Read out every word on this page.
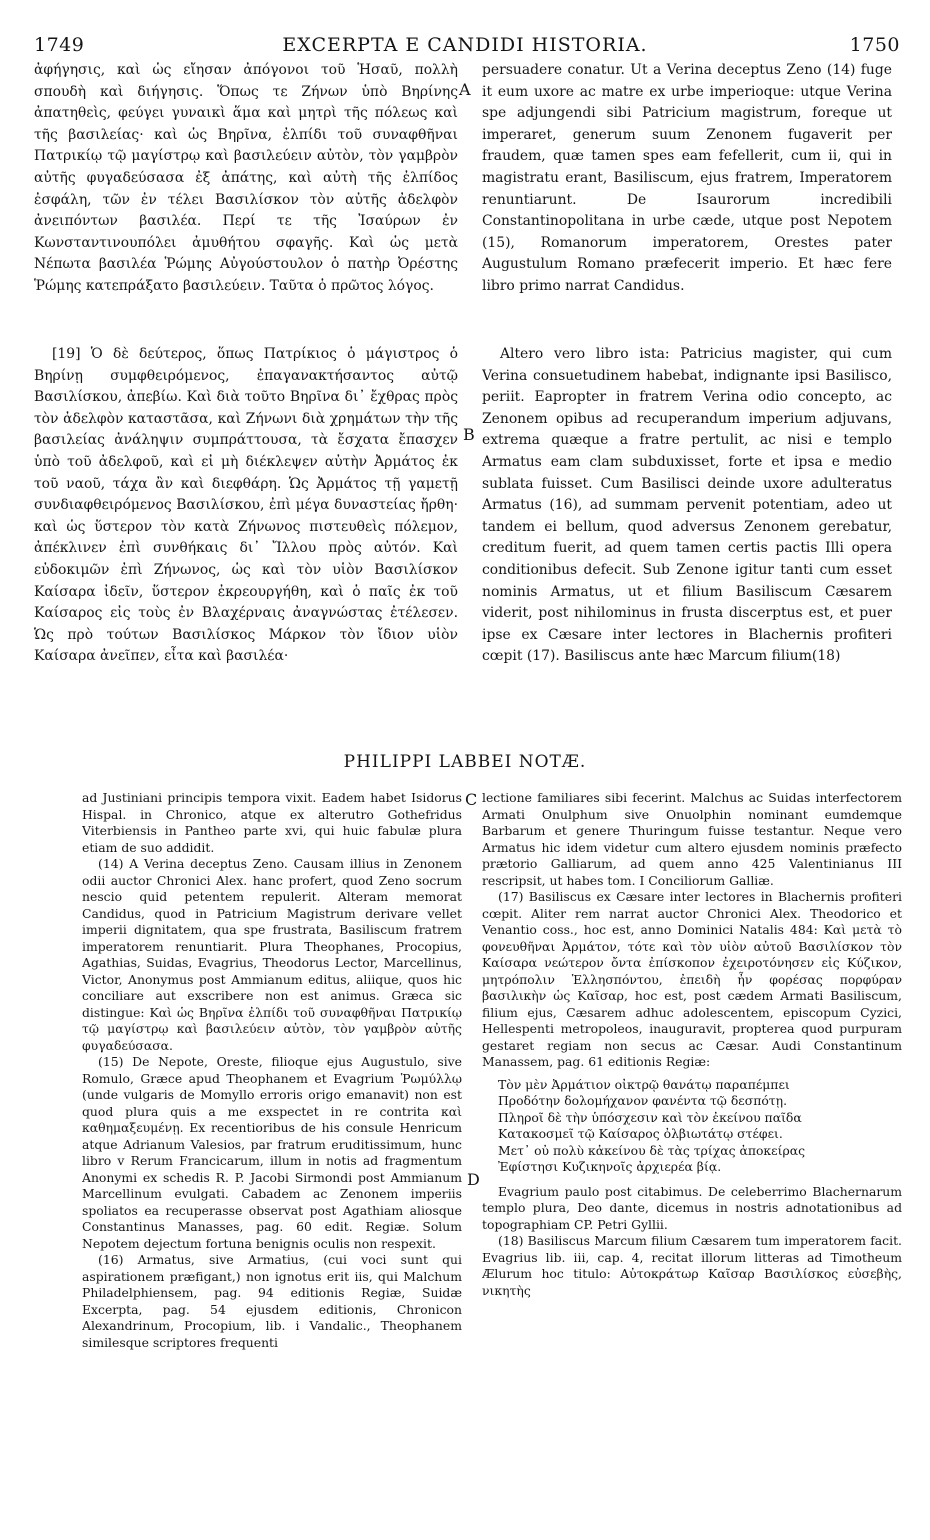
1749	EXCERPTA E CANDIDI HISTORIA.	1750
A
B
C
D

ἀφήγησις, καὶ ὡς εἴησαν ἀπόγονοι τοῦ Ἡσαῦ, πολλὴ σπουδὴ καὶ διήγησις. Ὅπως τε Ζήνων ὑπὸ Βηρίνης ἀπατηθεὶς, φεύγει γυναικὶ ἅμα καὶ μητρὶ τῆς πόλεως καὶ τῆς βασιλείας· καὶ ὡς Βηρῖνα, ἐλπίδι τοῦ συναφθῆναι Πατρικίῳ τῷ μαγίστρῳ καὶ βασιλεύειν αὐτὸν, τὸν γαμβρὸν αὐτῆς φυγαδεύσασα ἐξ ἀπάτης, καὶ αὐτὴ τῆς ἐλπίδος ἐσφάλη, τῶν ἐν τέλει Βασιλίσκον τὸν αὐτῆς ἀδελφὸν ἀνειπόντων βασιλέα. Περί τε τῆς Ἰσαύρων ἐν Κωνσταντινουπόλει ἀμυθήτου σφαγῆς. Καὶ ὡς μετὰ Νέπωτα βασιλέα Ῥώμης Αὐγούστουλον ὁ πατὴρ Ὀρέστης Ῥώμης κατεπράξατο βασιλεύειν. Ταῦτα ὁ πρῶτος λόγος.

persuadere conatur. Ut a Verina deceptus Zeno (14) fuge it eum uxore ac matre ex urbe imperioque: utque Verina spe adjungendi sibi Patricium magistrum, foreque ut imperaret, generum suum Zenonem fugaverit per fraudem, quæ tamen spes eam fefellerit, cum ii, qui in magistratu erant, Basiliscum, ejus fratrem, Imperatorem renuntiarunt. De Isaurorum incredibili Constantinopolitana in urbe cæde, utque post Nepotem (15), Romanorum imperatorem, Orestes pater Augustulum Romano præfecerit imperio. Et hæc fere libro primo narrat Candidus.

[19] Ὁ δὲ δεύτερος, ὅπως Πατρίκιος ὁ μάγιστρος ὁ Βηρίνῃ συμφθειρόμενος, ἐπαγανακτήσαντος αὐτῷ Βασιλίσκου, ἀπεβίω. Καὶ διὰ τοῦτο Βηρῖνα δι᾽ ἔχθρας πρὸς τὸν ἀδελφὸν καταστᾶσα, καὶ Ζήνωνι διὰ χρημάτων τὴν τῆς βασιλείας ἀνάληψιν συμπράττουσα, τὰ ἔσχατα ἔπασχεν ὑπὸ τοῦ ἀδελφοῦ, καὶ εἰ μὴ διέκλεψεν αὐτὴν Ἀρμάτος ἐκ τοῦ ναοῦ, τάχα ἂν καὶ διεφθάρη. Ὡς Ἀρμάτος τῇ γαμετῇ συνδιαφθειρόμενος Βασιλίσκου, ἐπὶ μέγα δυναστείας ἤρθη· καὶ ὡς ὕστερον τὸν κατὰ Ζήνωνος πιστευθεὶς πόλεμον, ἀπέκλινεν ἐπὶ συνθήκαις δι᾽ Ἴλλου πρὸς αὐτόν. Καὶ εὐδοκιμῶν ἐπὶ Ζήνωνος, ὡς καὶ τὸν υἱὸν Βασιλίσκον Καίσαρα ἰδεῖν, ὕστερον ἐκρεουργήθη, καὶ ὁ παῖς ἐκ τοῦ Καίσαρος εἰς τοὺς ἐν Βλαχέρναις ἀναγνώστας ἐτέλεσεν. Ὡς πρὸ τούτων Βασιλίσκος Μάρκον τὸν ἴδιον υἱὸν Καίσαρα ἀνεῖπεν, εἶτα καὶ βασιλέα·

Altero vero libro ista: Patricius magister, qui cum Verina consuetudinem habebat, indignante ipsi Basilisco, periit. Eapropter in fratrem Verina odio concepto, ac Zenonem opibus ad recuperandum imperium adjuvans, extrema quæque a fratre pertulit, ac nisi e templo Armatus eam clam subduxisset, forte et ipsa e medio sublata fuisset. Cum Basilisci deinde uxore adulteratus Armatus (16), ad summam pervenit potentiam, adeo ut tandem ei bellum, quod adversus Zenonem gerebatur, creditum fuerit, ad quem tamen certis pactis Illi opera conditionibus defecit. Sub Zenone igitur tanti cum esset nominis Armatus, ut et filium Basiliscum Cæsarem viderit, post nihilominus in frusta discerptus est, et puer ipse ex Cæsare inter lectores in Blachernis profiteri cœpit (17). Basiliscus ante hæc Marcum filium(18)

PHILIPPI LABBEI NOTÆ.

ad Justiniani principis tempora vixit. Eadem habet Isidorus Hispal. in Chronico, atque ex alterutro Gothefridus Viterbiensis in Pantheo parte xvi, qui huic fabulæ plura etiam de suo addidit.

(14) A Verina deceptus Zeno. Causam illius in Zenonem odii auctor Chronici Alex. hanc profert, quod Zeno socrum nescio quid petentem repulerit. Alteram memorat Candidus, quod in Patricium Magistrum derivare vellet imperii dignitatem, qua spe frustrata, Basiliscum fratrem imperatorem renuntiarit. Plura Theophanes, Procopius, Agathias, Suidas, Evagrius, Theodorus Lector, Marcellinus, Victor, Anonymus post Ammianum editus, aliique, quos hic conciliare aut exscribere non est animus. Græca sic distingue: Καὶ ὡς Βηρῖνα ἐλπίδι τοῦ συναφθῆναι Πατρικίῳ τῷ μαγίστρῳ καὶ βασιλεύειν αὐτὸν, τὸν γαμβρὸν αὐτῆς φυγαδεύσασα.

(15) De Nepote, Oreste, filioque ejus Augustulo, sive Romulo, Græce apud Theophanem et Evagrium Ῥωμύλλῳ (unde vulgaris de Momyllo erroris origo emanavit) non est quod plura quis a me exspectet in re contrita καὶ καθημαξευμένῃ. Ex recentioribus de his consule Henricum atque Adrianum Valesios, par fratrum eruditissimum, hunc libro v Rerum Francicarum, illum in notis ad fragmentum Anonymi ex schedis R. P. Jacobi Sirmondi post Ammianum Marcellinum evulgati. Cabadem ac Zenonem imperiis spoliatos ea recuperasse observat post Agathiam aliosque Constantinus Manasses, pag. 60 edit. Regiæ. Solum Nepotem dejectum fortuna benignis oculis non respexit.

(16) Armatus, sive Armatius, (cui voci sunt qui aspirationem præfigant,) non ignotus erit iis, qui Malchum Philadelphiensem, pag. 94 editionis Regiæ, Suidæ Excerpta, pag. 54 ejusdem editionis, Chronicon Alexandrinum, Procopium, lib. i Vandalic., Theophanem similesque scriptores frequenti

lectione familiares sibi fecerint. Malchus ac Suidas interfectorem Armati Onulphum sive Onuolphin nominant eumdemque Barbarum et genere Thuringum fuisse testantur. Neque vero Armatus hic idem videtur cum altero ejusdem nominis præfecto prætorio Galliarum, ad quem anno 425 Valentinianus III rescripsit, ut habes tom. I Conciliorum Galliæ.

(17) Basiliscus ex Cæsare inter lectores in Blachernis profiteri cœpit. Aliter rem narrat auctor Chronici Alex. Theodorico et Venantio coss., hoc est, anno Dominici Natalis 484: Καὶ μετὰ τὸ φονευθῆναι Ἀρμάτον, τότε καὶ τὸν υἱὸν αὐτοῦ Βασιλίσκον τὸν Καίσαρα νεώτερον ὄντα ἐπίσκοπον ἐχειροτόνησεν εἰς Κύζικον, μητρόπολιν Ἑλλησπόντου, ἐπειδὴ ἦν φορέσας πορφύραν βασιλικὴν ὡς Καῖσαρ, hoc est, post cædem Armati Basiliscum, filium ejus, Cæsarem adhuc adolescentem, episcopum Cyzici, Hellespenti metropoleos, inauguravit, propterea quod purpuram gestaret regiam non secus ac Cæsar. Audi Constantinum Manassem, pag. 61 editionis Regiæ:

Τὸν μὲν Ἀρμάτιον οἰκτρῷ θανάτῳ παραπέμπει
Προδότην δολομήχανον φανέντα τῷ δεσπότῃ.
Πληροῖ δὲ τὴν ὑπόσχεσιν καὶ τὸν ἐκείνου παῖδα
Κατακοσμεῖ τῷ Καίσαρος ὀλβιωτάτῳ στέφει.
Μετ᾽ οὐ πολὺ κἀκείνου δὲ τὰς τρίχας ἀποκείρας
Ἐφίστησι Κυζικηνοῖς ἀρχιερέα βίᾳ.

Evagrium paulo post citabimus. De celeberrimo Blachernarum templo plura, Deo dante, dicemus in nostris adnotationibus ad topographiam CP. Petri Gyllii.

(18) Basiliscus Marcum filium Cæsarem tum imperatorem facit. Evagrius lib. iii, cap. 4, recitat illorum litteras ad Timotheum Ælurum hoc titulo: Αὐτοκράτωρ Καῖσαρ Βασιλίσκος εὐσεβὴς, νικητὴς
